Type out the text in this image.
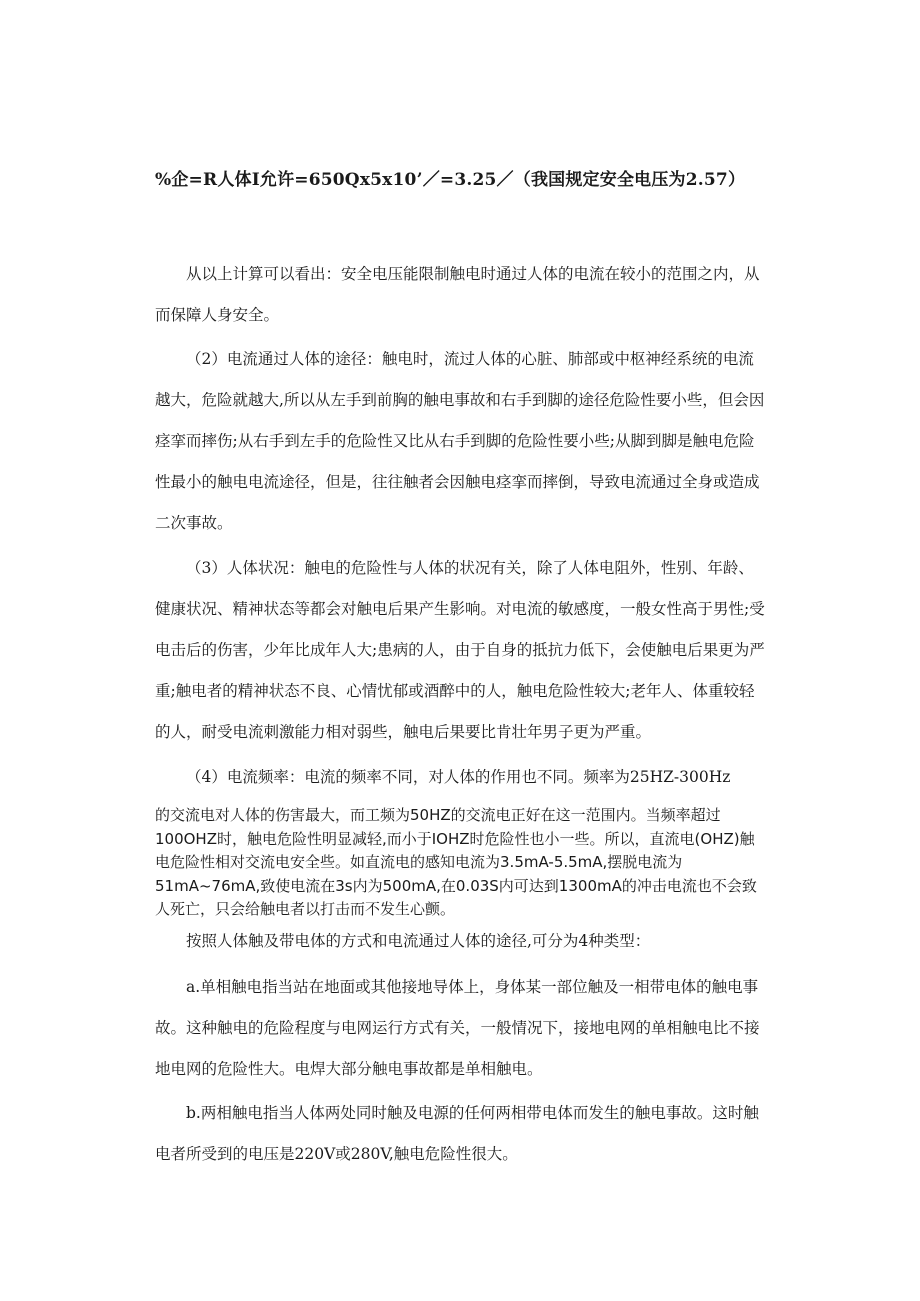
%企=R人体I允许=650Qx5x10’／=3.25／（我国规定安全电压为2.57）

从以上计算可以看出：安全电压能限制触电时通过人体的电流在较小的范围之内，从而保障人身安全。

（2）电流通过人体的途径：触电时，流过人体的心脏、肺部或中枢神经系统的电流越大，危险就越大,所以从左手到前胸的触电事故和右手到脚的途径危险性要小些，但会因痉挛而摔伤;从右手到左手的危险性又比从右手到脚的危险性要小些;从脚到脚是触电危险性最小的触电电流途径，但是，往往触者会因触电痉挛而摔倒，导致电流通过全身或造成二次事故。

（3）人体状况：触电的危险性与人体的状况有关，除了人体电阻外，性别、年龄、健康状况、精神状态等都会对触电后果产生影响。对电流的敏感度，一般女性高于男性;受电击后的伤害，少年比成年人大;患病的人，由于自身的抵抗力低下，会使触电后果更为严重;触电者的精神状态不良、心情忧郁或酒醉中的人，触电危险性较大;老年人、体重较轻的人，耐受电流刺激能力相对弱些，触电后果要比肯壮年男子更为严重。

（4）电流频率：电流的频率不同，对人体的作用也不同。频率为25HZ-300Hz

的交流电对人体的伤害最大，而工频为50HZ的交流电正好在这一范围内。当频率超过100OHZ时，触电危险性明显减轻,而小于IOHZ时危险性也小一些。所以，直流电(OHZ)触电危险性相对交流电安全些。如直流电的感知电流为3.5mA-5.5mA,摆脱电流为51mA~76mA,致使电流在3s内为500mA,在0.03S内可达到1300mA的冲击电流也不会致人死亡，只会给触电者以打击而不发生心颤。

按照人体触及带电体的方式和电流通过人体的途径,可分为4种类型：

a.单相触电指当站在地面或其他接地导体上，身体某一部位触及一相带电体的触电事故。这种触电的危险程度与电网运行方式有关，一般情况下，接地电网的单相触电比不接地电网的危险性大。电焊大部分触电事故都是单相触电。

b.两相触电指当人体两处同时触及电源的任何两相带电体而发生的触电事故。这时触电者所受到的电压是220V或280V,触电危险性很大。
